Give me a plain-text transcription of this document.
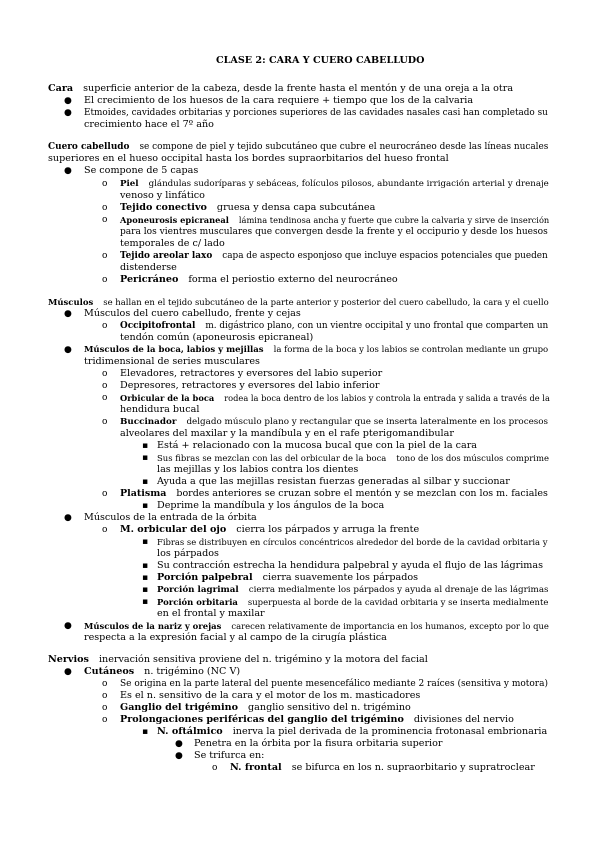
CLASE 2: CARA Y CUERO CABELLUDO
Cara superficie anterior de la cabeza, desde la frente hasta el mentón y de una oreja a la otra
● El crecimiento de los huesos de la cara requiere + tiempo que los de la calvaria
● Etmoides, cavidades orbitarias y porciones superiores de las cavidades nasales casi han completado su
crecimiento hace el 7º año
Cuero cabelludo se compone de piel y tejido subcutáneo que cubre el neurocráneo desde las líneas nucales
superiores en el hueso occipital hasta los bordes supraorbitarios del hueso frontal
● Se compone de 5 capas
o Piel glándulas sudoríparas y sebáceas, folículos pilosos, abundante irrigación arterial y drenaje
venoso y linfático
o Tejido conectivo gruesa y densa capa subcutánea
o Aponeurosis epicraneal lámina tendinosa ancha y fuerte que cubre la calvaria y sirve de inserción
para los vientres musculares que convergen desde la frente y el occipurio y desde los huesos
temporales de c/ lado
o Tejido areolar laxo capa de aspecto esponjoso que incluye espacios potenciales que pueden
distenderse
o Pericráneo forma el periostio externo del neurocráneo
Músculos se hallan en el tejido subcutáneo de la parte anterior y posterior del cuero cabelludo, la cara y el cuello
● Músculos del cuero cabelludo, frente y cejas
o Occipitofrontal m. digástrico plano, con un vientre occipital y uno frontal que comparten un
tendón común (aponeurosis epicraneal)
● Músculos de la boca, labios y mejillas la forma de la boca y los labios se controlan mediante un grupo
tridimensional de series musculares
o Elevadores, retractores y eversores del labio superior
o Depresores, retractores y eversores del labio inferior
o Orbicular de la boca rodea la boca dentro de los labios y controla la entrada y salida a través de la
hendidura bucal
o Buccinador delgado músculo plano y rectangular que se inserta lateralmente en los procesos
alveolares del maxilar y la mandíbula y en el rafe pterigomandibular
▪ Está + relacionado con la mucosa bucal que con la piel de la cara
▪ Sus fibras se mezclan con las del orbicular de la boca tono de los dos músculos comprime
las mejillas y los labios contra los dientes
▪ Ayuda a que las mejillas resistan fuerzas generadas al silbar y succionar
o Platisma bordes anteriores se cruzan sobre el mentón y se mezclan con los m. faciales
▪ Deprime la mandíbula y los ángulos de la boca
● Músculos de la entrada de la órbita
o M. orbicular del ojo cierra los párpados y arruga la frente
▪ Fibras se distribuyen en círculos concéntricos alrededor del borde de la cavidad orbitaria y
los párpados
▪ Su contracción estrecha la hendidura palpebral y ayuda el flujo de las lágrimas
▪ Porción palpebral cierra suavemente los párpados
▪ Porción lagrimal cierra medialmente los párpados y ayuda al drenaje de las lágrimas
▪ Porción orbitaria superpuesta al borde de la cavidad orbitaria y se inserta medialmente
en el frontal y maxilar
● Músculos de la nariz y orejas carecen relativamente de importancia en los humanos, excepto por lo que
respecta a la expresión facial y al campo de la cirugía plástica
Nervios inervación sensitiva proviene del n. trigémino y la motora del facial
● Cutáneos n. trigémino (NC V)
o Se origina en la parte lateral del puente mesencefálico mediante 2 raíces (sensitiva y motora)
o Es el n. sensitivo de la cara y el motor de los m. masticadores
o Ganglio del trigémino ganglio sensitivo del n. trigémino
o Prolongaciones periféricas del ganglio del trigémino divisiones del nervio
▪ N. oftálmico inerva la piel derivada de la prominencia frotonasal embrionaria
● Penetra en la órbita por la fisura orbitaria superior
● Se trifurca en:
o N. frontal se bifurca en los n. supraorbitario y supratroclear
